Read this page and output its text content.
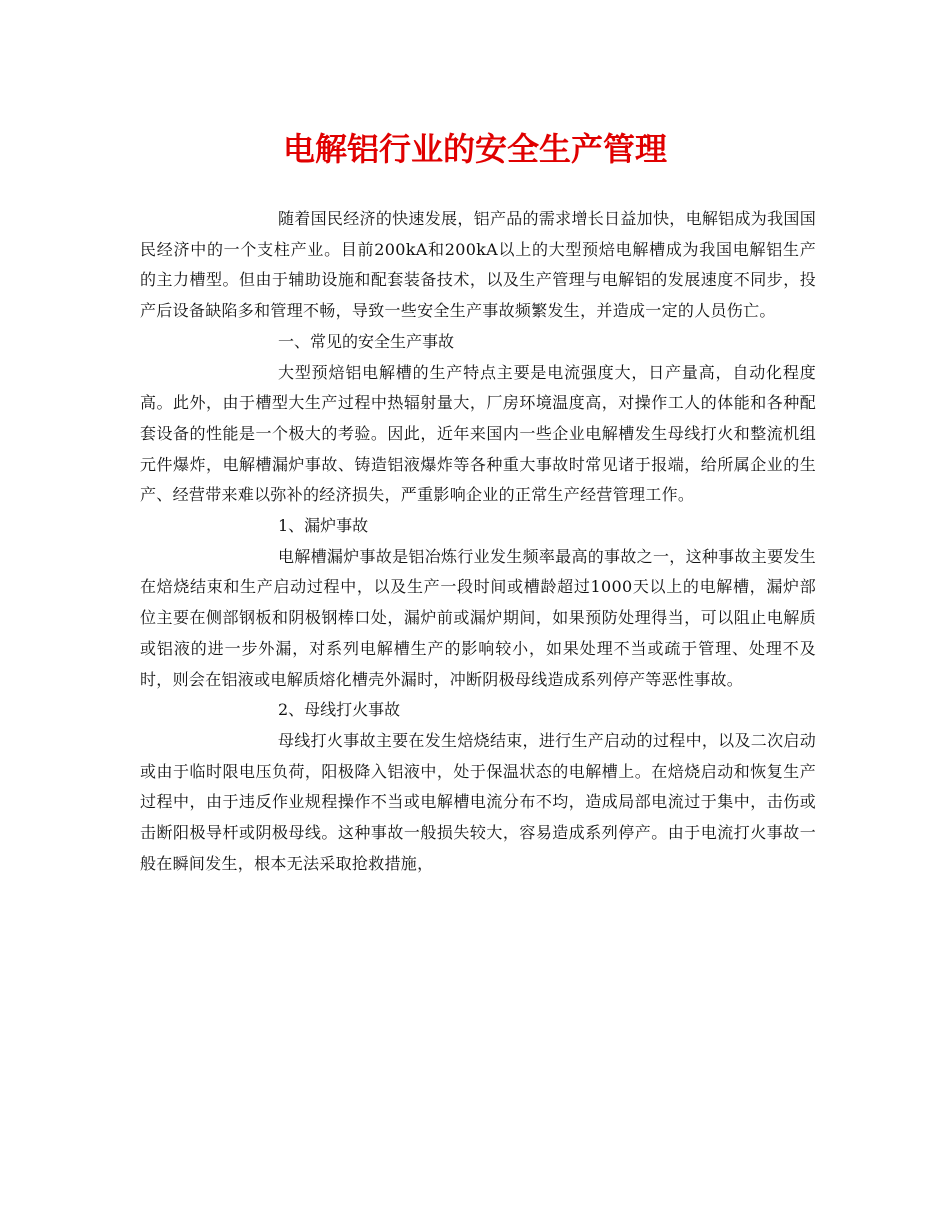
电解铝行业的安全生产管理

随着国民经济的快速发展，铝产品的需求增长日益加快，电解铝成为我国国民经济中的一个支柱产业。目前200kA和200kA以上的大型预焙电解槽成为我国电解铝生产的主力槽型。但由于辅助设施和配套装备技术，以及生产管理与电解铝的发展速度不同步，投产后设备缺陷多和管理不畅，导致一些安全生产事故频繁发生，并造成一定的人员伤亡。

一、常见的安全生产事故

大型预焙铝电解槽的生产特点主要是电流强度大，日产量高，自动化程度高。此外，由于槽型大生产过程中热辐射量大，厂房环境温度高，对操作工人的体能和各种配套设备的性能是一个极大的考验。因此，近年来国内一些企业电解槽发生母线打火和整流机组元件爆炸，电解槽漏炉事故、铸造铝液爆炸等各种重大事故时常见诸于报端，给所属企业的生产、经营带来难以弥补的经济损失，严重影响企业的正常生产经营管理工作。

1、漏炉事故

电解槽漏炉事故是铝冶炼行业发生频率最高的事故之一，这种事故主要发生在焙烧结束和生产启动过程中，以及生产一段时间或槽龄超过1000天以上的电解槽，漏炉部位主要在侧部钢板和阴极钢棒口处，漏炉前或漏炉期间，如果预防处理得当，可以阻止电解质或铝液的进一步外漏，对系列电解槽生产的影响较小，如果处理不当或疏于管理、处理不及时，则会在铝液或电解质熔化槽壳外漏时，冲断阴极母线造成系列停产等恶性事故。

2、母线打火事故

母线打火事故主要在发生焙烧结束，进行生产启动的过程中，以及二次启动或由于临时限电压负荷，阳极降入铝液中，处于保温状态的电解槽上。在焙烧启动和恢复生产过程中，由于违反作业规程操作不当或电解槽电流分布不均，造成局部电流过于集中，击伤或击断阳极导杆或阴极母线。这种事故一般损失较大，容易造成系列停产。由于电流打火事故一般在瞬间发生，根本无法采取抢救措施，
